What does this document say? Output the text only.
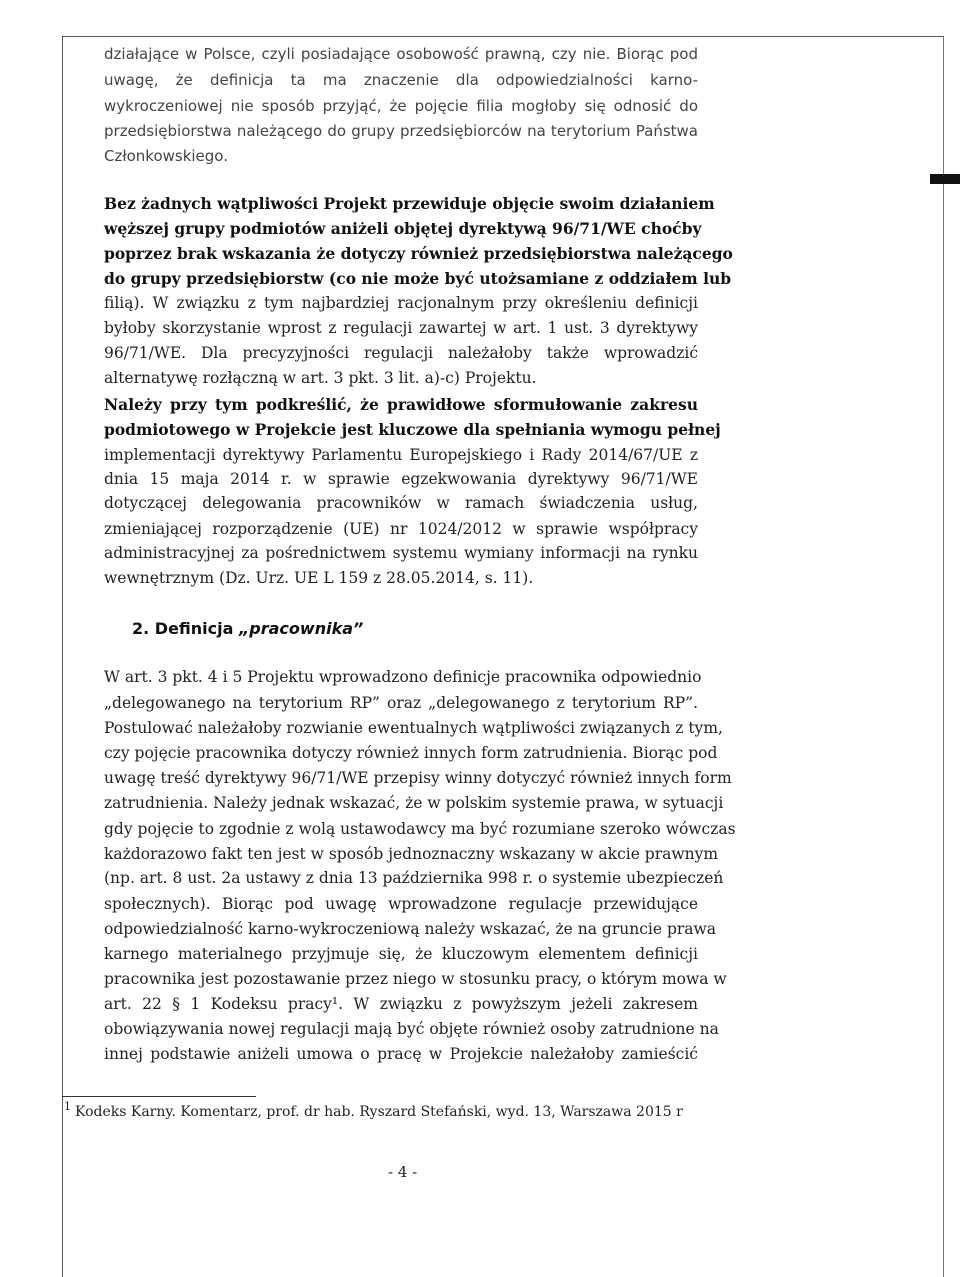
działające w Polsce, czyli posiadające osobowość prawną, czy nie. Biorąc pod
uwagę, że definicja ta ma znaczenie dla odpowiedzialności karno-
wykroczeniowej nie sposób przyjąć, że pojęcie filia mogłoby się odnosić do
przedsiębiorstwa należącego do grupy przedsiębiorców na terytorium Państwa
Członkowskiego.
Bez żadnych wątpliwości Projekt przewiduje objęcie swoim działaniem
węższej grupy podmiotów aniżeli objętej dyrektywą 96/71/WE choćby
poprzez brak wskazania że dotyczy również przedsiębiorstwa należącego
do grupy przedsiębiorstw (co nie może być utożsamiane z oddziałem lub
filią). W związku z tym najbardziej racjonalnym przy określeniu definicji
byłoby skorzystanie wprost z regulacji zawartej w art. 1 ust. 3 dyrektywy
96/71/WE. Dla precyzyjności regulacji należałoby także wprowadzić
alternatywę rozłączną w art. 3 pkt. 3 lit. a)-c) Projektu.
Należy przy tym podkreślić, że prawidłowe sformułowanie zakresu
podmiotowego w Projekcie jest kluczowe dla spełniania wymogu pełnej
implementacji dyrektywy Parlamentu Europejskiego i Rady 2014/67/UE z
dnia 15 maja 2014 r. w sprawie egzekwowania dyrektywy 96/71/WE
dotyczącej delegowania pracowników w ramach świadczenia usług,
zmieniającej rozporządzenie (UE) nr 1024/2012 w sprawie współpracy
administracyjnej za pośrednictwem systemu wymiany informacji na rynku
wewnętrznym (Dz. Urz. UE L 159 z 28.05.2014, s. 11).
2. Definicja „pracownika”
W art. 3 pkt. 4 i 5 Projektu wprowadzono definicje pracownika odpowiednio
„delegowanego na terytorium RP” oraz „delegowanego z terytorium RP”.
Postulować należałoby rozwianie ewentualnych wątpliwości związanych z tym,
czy pojęcie pracownika dotyczy również innych form zatrudnienia. Biorąc pod
uwagę treść dyrektywy 96/71/WE przepisy winny dotyczyć również innych form
zatrudnienia. Należy jednak wskazać, że w polskim systemie prawa, w sytuacji
gdy pojęcie to zgodnie z wolą ustawodawcy ma być rozumiane szeroko wówczas
każdorazowo fakt ten jest w sposób jednoznaczny wskazany w akcie prawnym
(np. art. 8 ust. 2a ustawy z dnia 13 października 998 r. o systemie ubezpieczeń
społecznych). Biorąc pod uwagę wprowadzone regulacje przewidujące
odpowiedzialność karno-wykroczeniową należy wskazać, że na gruncie prawa
karnego materialnego przyjmuje się, że kluczowym elementem definicji
pracownika jest pozostawanie przez niego w stosunku pracy, o którym mowa w
art. 22 § 1 Kodeksu pracy¹. W związku z powyższym jeżeli zakresem
obowiązywania nowej regulacji mają być objęte również osoby zatrudnione na
innej podstawie aniżeli umowa o pracę w Projekcie należałoby zamieścić
$^1$ Kodeks Karny. Komentarz, prof. dr hab. Ryszard Stefański, wyd. 13, Warszawa 2015 r
- 4 -
